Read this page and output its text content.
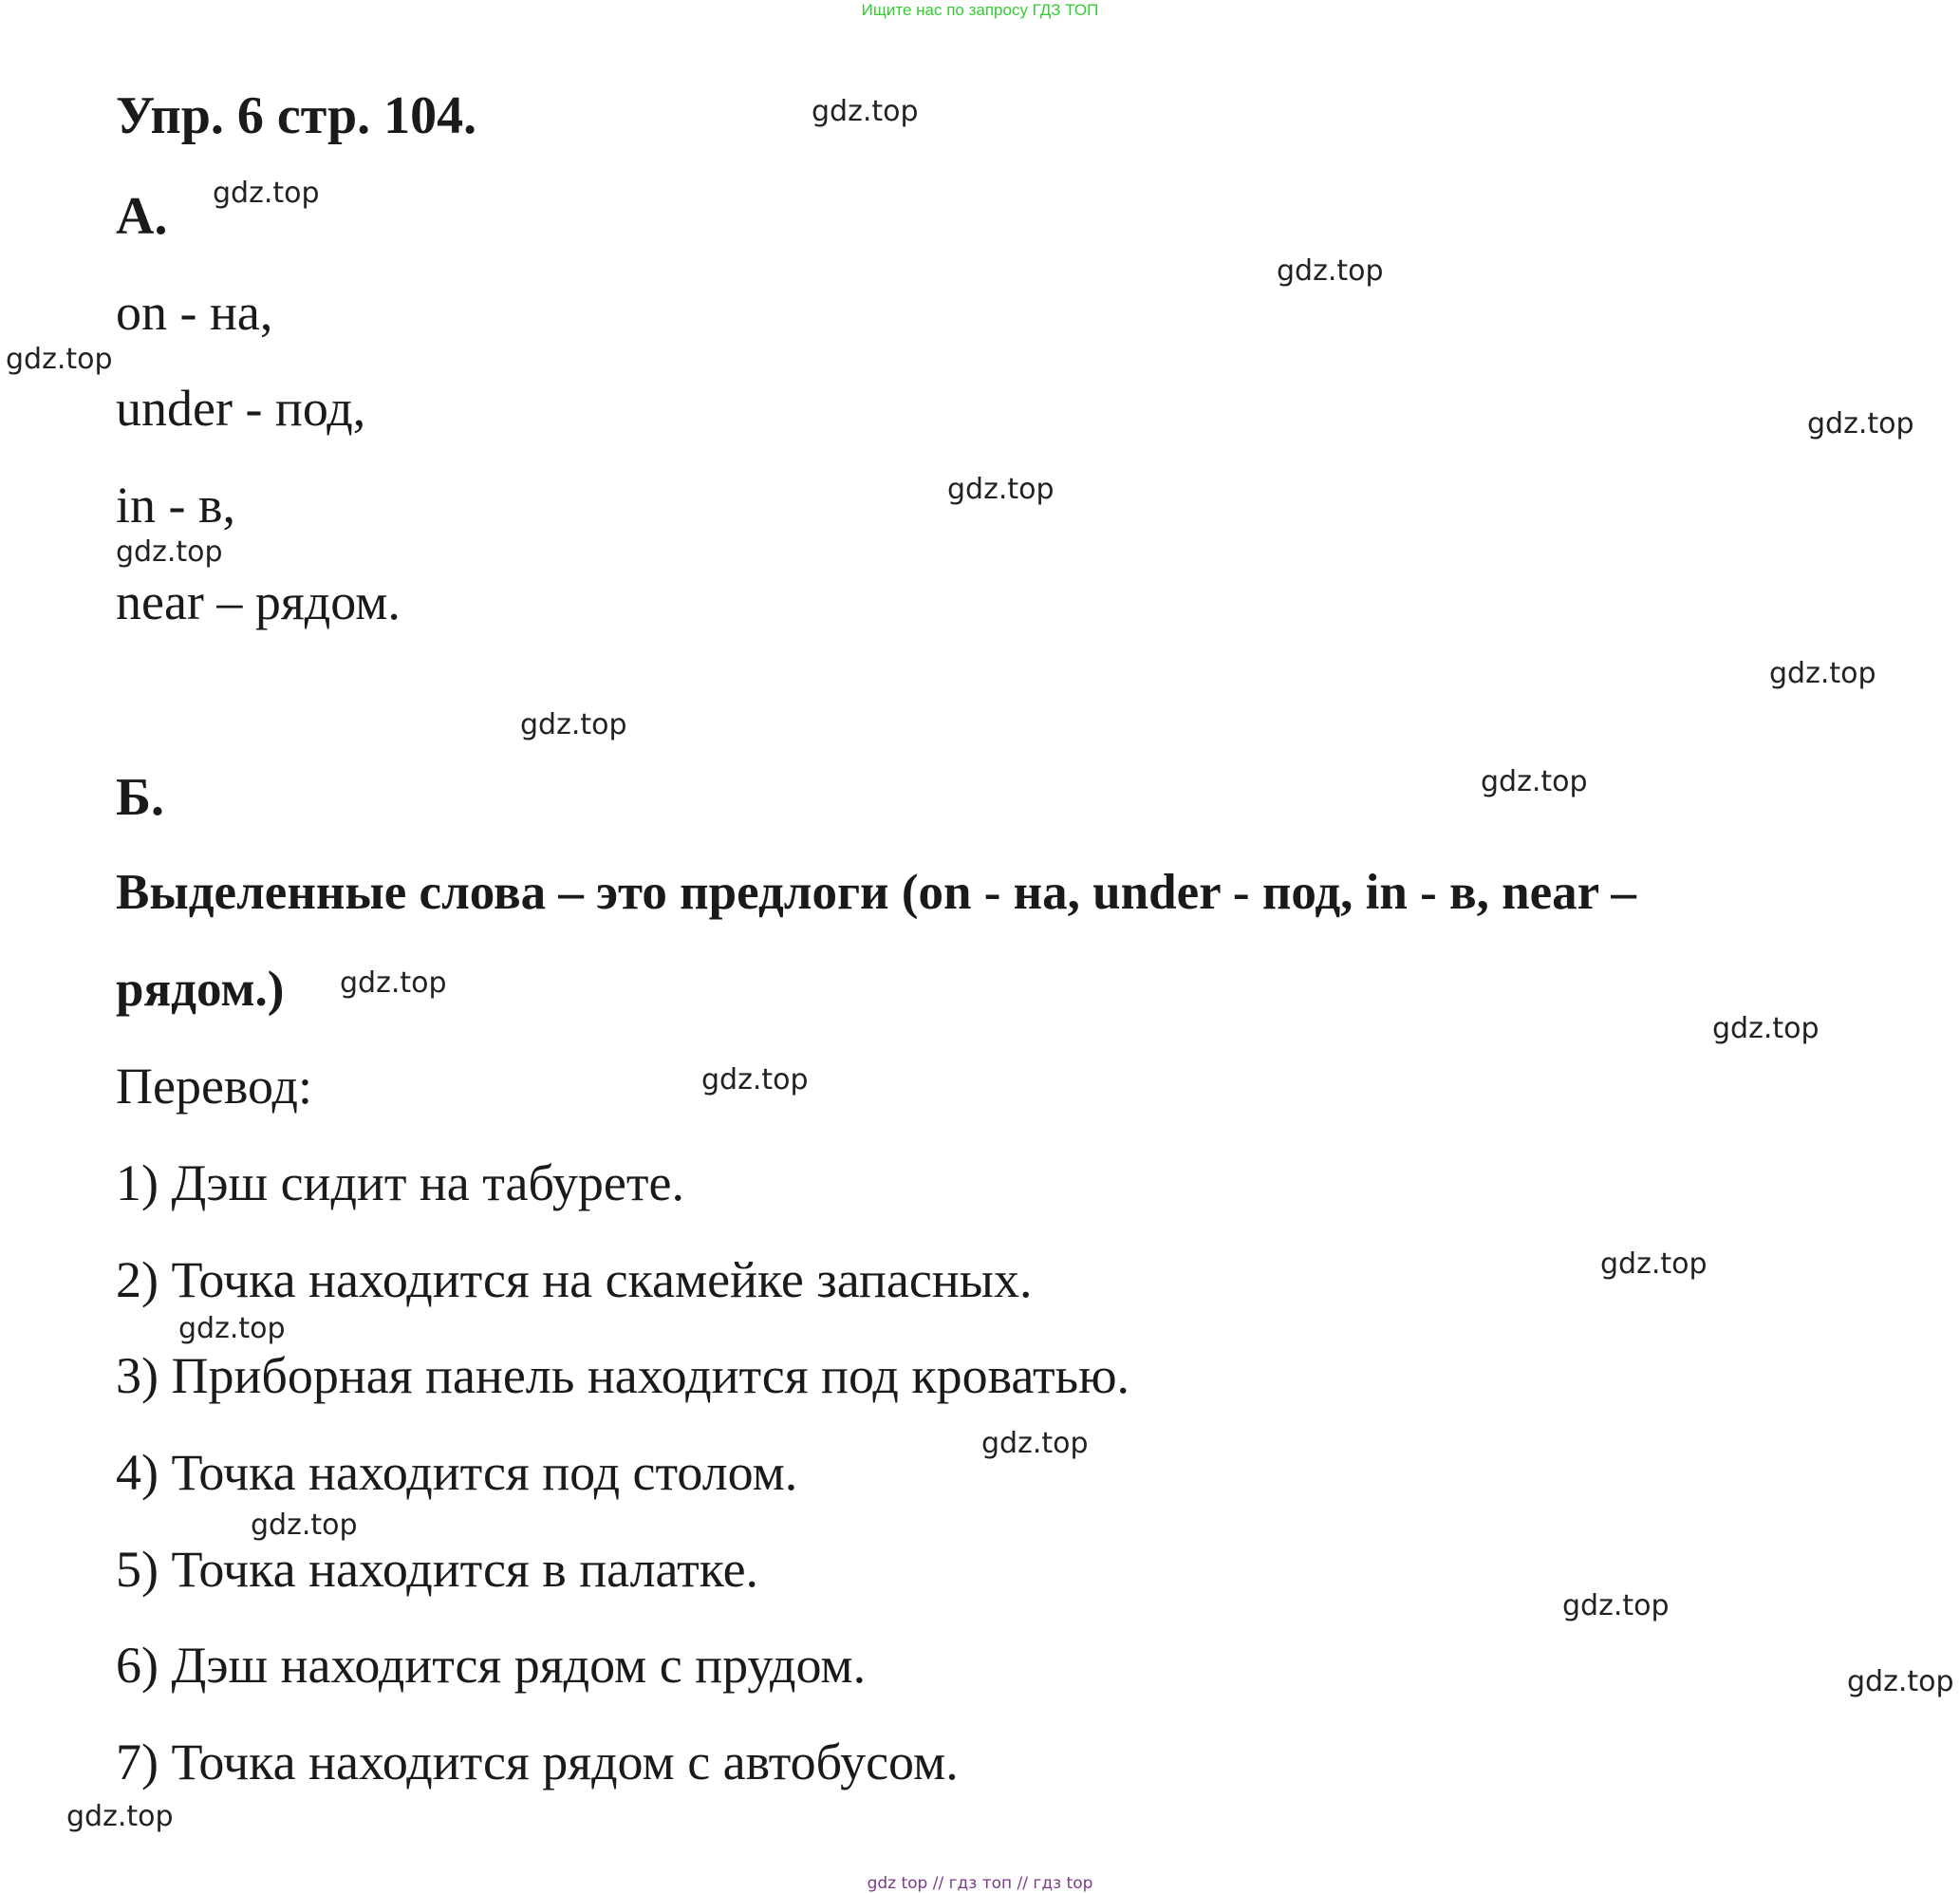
Ищите нас по запросу ГДЗ ТОП
Упр. 6 стр. 104.
А.
on - на,
under - под,
in - в,
near – рядом.
Б.
Выделенные слова – это предлоги (on - на, under - под, in - в, near –
рядом.)
Перевод:
1) Дэш сидит на табурете.
2) Точка находится на скамейке запасных.
3) Приборная панель находится под кроватью.
4) Точка находится под столом.
5) Точка находится в палатке.
6) Дэш находится рядом с прудом.
7) Точка находится рядом с автобусом.
gdz.top
gdz.top
gdz.top
gdz.top
gdz.top
gdz.top
gdz.top
gdz.top
gdz.top
gdz.top
gdz.top
gdz.top
gdz.top
gdz.top
gdz.top
gdz.top
gdz.top
gdz.top
gdz.top
gdz.top
gdz top // гдз топ // гдз top
